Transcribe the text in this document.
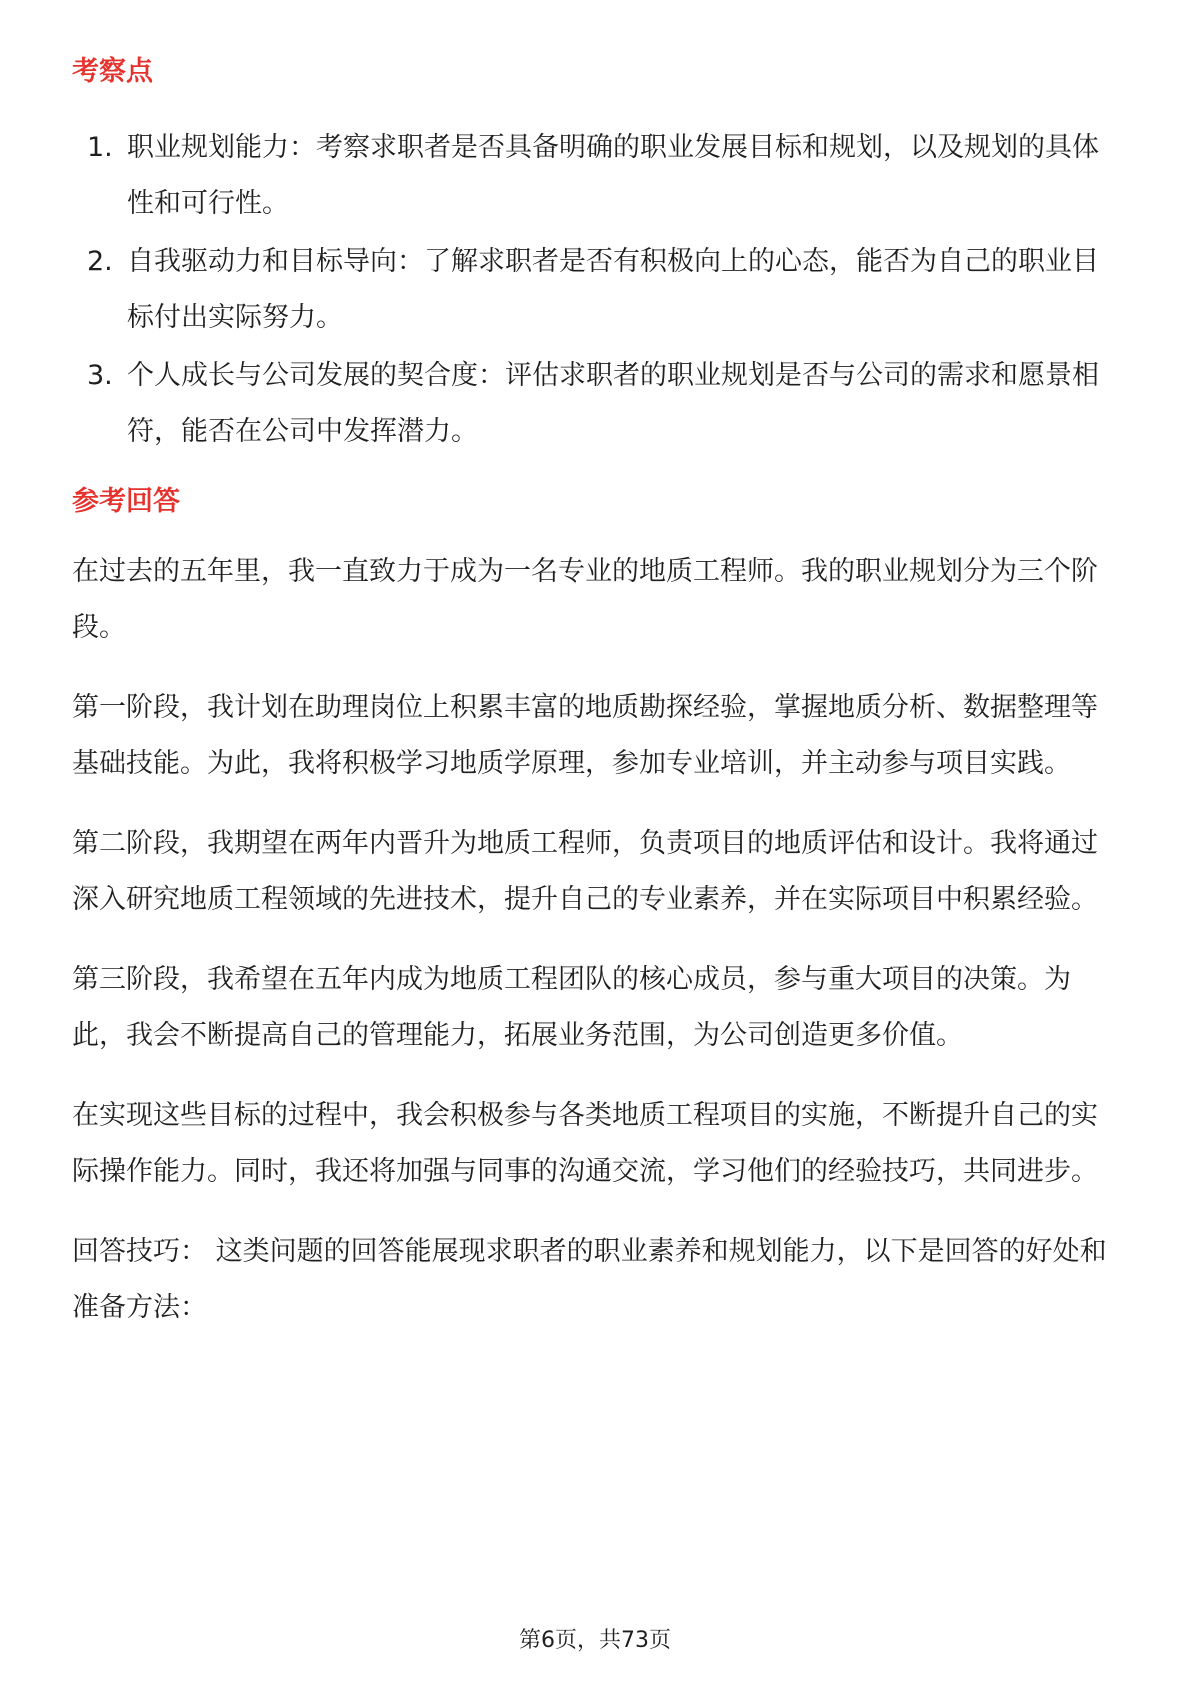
考察点
1. 职业规划能力：考察求职者是否具备明确的职业发展目标和规划，以及规划的具体性和可行性。
2. 自我驱动力和目标导向：了解求职者是否有积极向上的心态，能否为自己的职业目标付出实际努力。
3. 个人成长与公司发展的契合度：评估求职者的职业规划是否与公司的需求和愿景相符，能否在公司中发挥潜力。
参考回答

在过去的五年里，我一直致力于成为一名专业的地质工程师。我的职业规划分为三个阶段。

第一阶段，我计划在助理岗位上积累丰富的地质勘探经验，掌握地质分析、数据整理等基础技能。为此，我将积极学习地质学原理，参加专业培训，并主动参与项目实践。

第二阶段，我期望在两年内晋升为地质工程师，负责项目的地质评估和设计。我将通过深入研究地质工程领域的先进技术，提升自己的专业素养，并在实际项目中积累经验。

第三阶段，我希望在五年内成为地质工程团队的核心成员，参与重大项目的决策。为此，我会不断提高自己的管理能力，拓展业务范围，为公司创造更多价值。

在实现这些目标的过程中，我会积极参与各类地质工程项目的实施，不断提升自己的实际操作能力。同时，我还将加强与同事的沟通交流，学习他们的经验技巧，共同进步。

回答技巧： 这类问题的回答能展现求职者的职业素养和规划能力，以下是回答的好处和准备方法：

第6页，共73页
